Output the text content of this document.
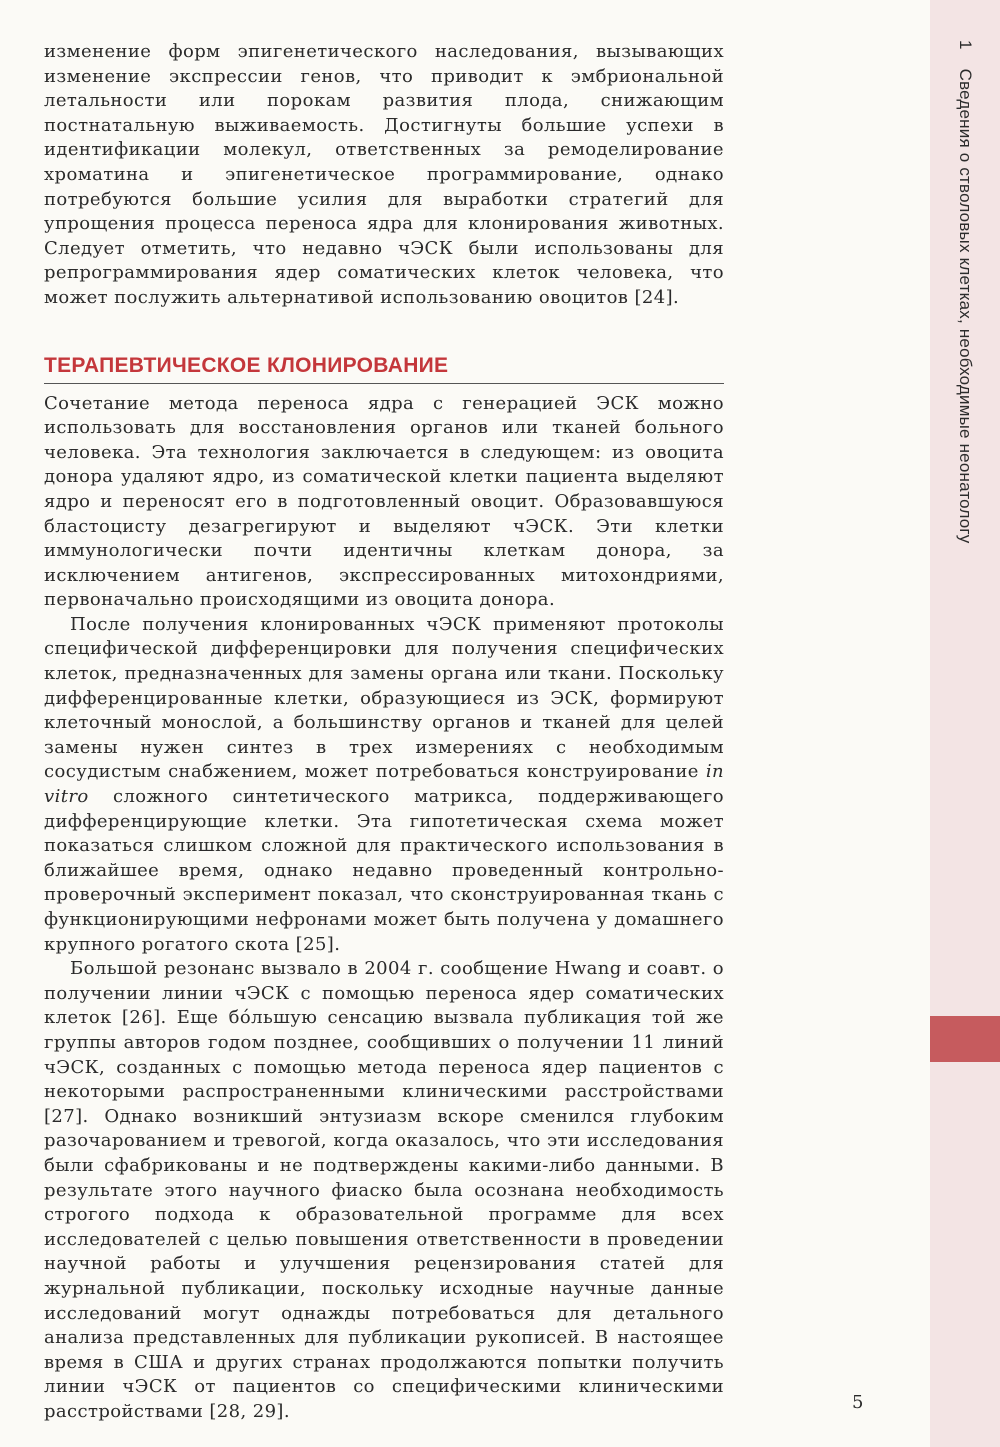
1 Сведения о стволовых клетках, необходимые неонатологу

изменение форм эпигенетического наследования, вызывающих изменение экспрессии генов, что приводит к эмбриональной летальности или порокам развития плода, снижающим постнатальную выживаемость. Достигнуты большие успехи в идентификации молекул, ответственных за ремоделирование хроматина и эпигенетическое программирование, однако потребуются большие усилия для выработки стратегий для упрощения процесса переноса ядра для клонирования животных. Следует отметить, что недавно чЭСК были использованы для репрограммирования ядер соматических клеток человека, что может послужить альтернативой использованию овоцитов [24].

ТЕРАПЕВТИЧЕСКОЕ КЛОНИРОВАНИЕ

Сочетание метода переноса ядра с генерацией ЭСК можно использовать для восстановления органов или тканей больного человека. Эта технология заключается в следующем: из овоцита донора удаляют ядро, из соматической клетки пациента выделяют ядро и переносят его в подготовленный овоцит. Образовавшуюся бластоцисту дезагрегируют и выделяют чЭСК. Эти клетки иммунологически почти идентичны клеткам донора, за исключением антигенов, экспрессированных митохондриями, первоначально происходящими из овоцита донора.

После получения клонированных чЭСК применяют протоколы специфической дифференцировки для получения специфических клеток, предназначенных для замены органа или ткани. Поскольку дифференцированные клетки, образующиеся из ЭСК, формируют клеточный монослой, а большинству органов и тканей для целей замены нужен синтез в трех измерениях с необходимым сосудистым снабжением, может потребоваться конструирование in vitro сложного синтетического матрикса, поддерживающего дифференцирующие клетки. Эта гипотетическая схема может показаться слишком сложной для практического использования в ближайшее время, однако недавно проведенный контрольно-проверочный эксперимент показал, что сконструированная ткань с функционирующими нефронами может быть получена у домашнего крупного рогатого скота [25].

Большой резонанс вызвало в 2004 г. сообщение Hwang и соавт. о получении линии чЭСК с помощью переноса ядер соматических клеток [26]. Еще бо́льшую сенсацию вызвала публикация той же группы авторов годом позднее, сообщивших о получении 11 линий чЭСК, созданных с помощью метода переноса ядер пациентов с некоторыми распространенными клиническими расстройствами [27]. Однако возникший энтузиазм вскоре сменился глубоким разочарованием и тревогой, когда оказалось, что эти исследования были сфабрикованы и не подтверждены какими-либо данными. В результате этого научного фиаско была осознана необходимость строгого подхода к образовательной программе для всех исследователей с целью повышения ответственности в проведении научной работы и улучшения рецензирования статей для журнальной публикации, поскольку исходные научные данные исследований могут однажды потребоваться для детального анализа представленных для публикации рукописей. В настоящее время в США и других странах продолжаются попытки получить линии чЭСК от пациентов со специфическими клиническими расстройствами [28, 29].	5
